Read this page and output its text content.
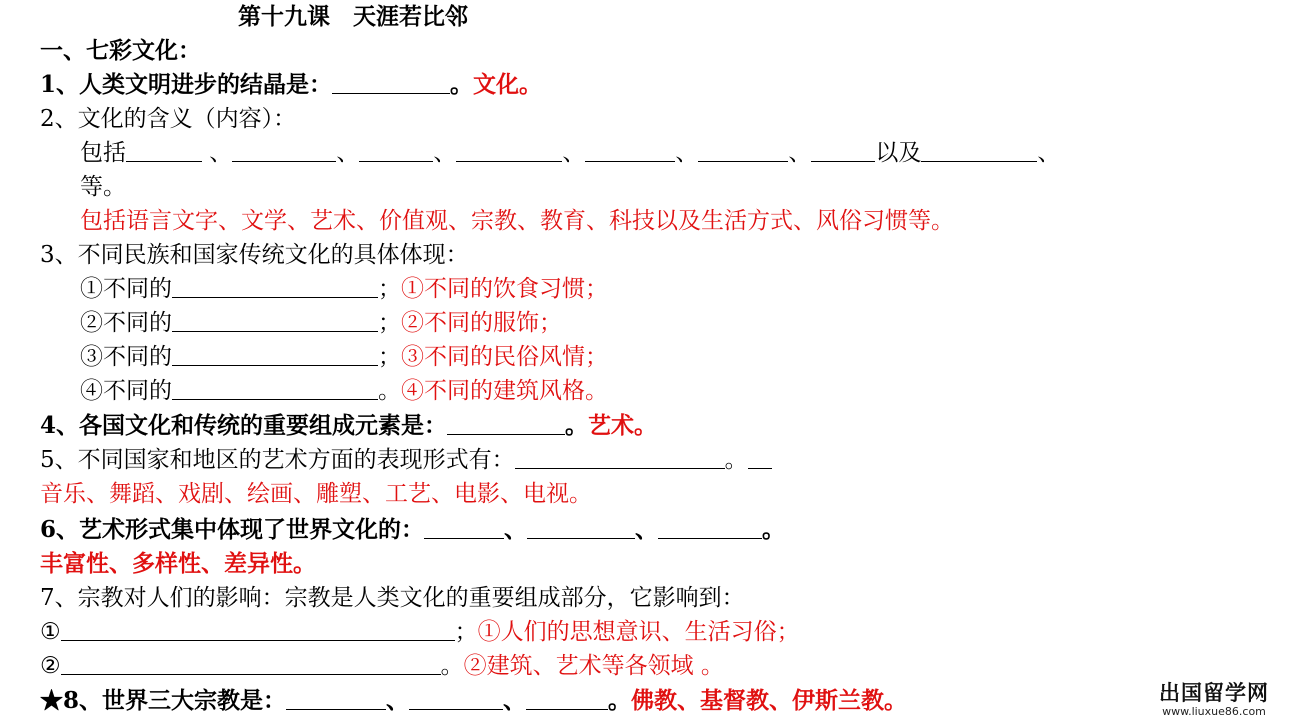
第十九课　天涯若比邻
一、七彩文化：
1、人类文明进步的结晶是：	。文化。
2、文化的含义（内容）：
包括	、	、	、	、	、	、	以及	、
等。
包括语言文字、文学、艺术、价值观、宗教、教育、科技以及生活方式、风俗习惯等。
3、不同民族和国家传统文化的具体体现：
①不同的	；①不同的饮食习惯；
②不同的	；②不同的服饰；
③不同的	；③不同的民俗风情；
④不同的	。④不同的建筑风格。
4、各国文化和传统的重要组成元素是：	。艺术。
5、不同国家和地区的艺术方面的表现形式有：	。
音乐、舞蹈、戏剧、绘画、雕塑、工艺、电影、电视。
6、艺术形式集中体现了世界文化的：	、	、	。
丰富性、多样性、差异性。
7、宗教对人们的影响：宗教是人类文化的重要组成部分，它影响到：
①	；①人们的思想意识、生活习俗；
②	。②建筑、艺术等各领域 。
★8、世界三大宗教是：	、	、	。佛教、基督教、伊斯兰教。	出国留学网
www.liuxue86.com
